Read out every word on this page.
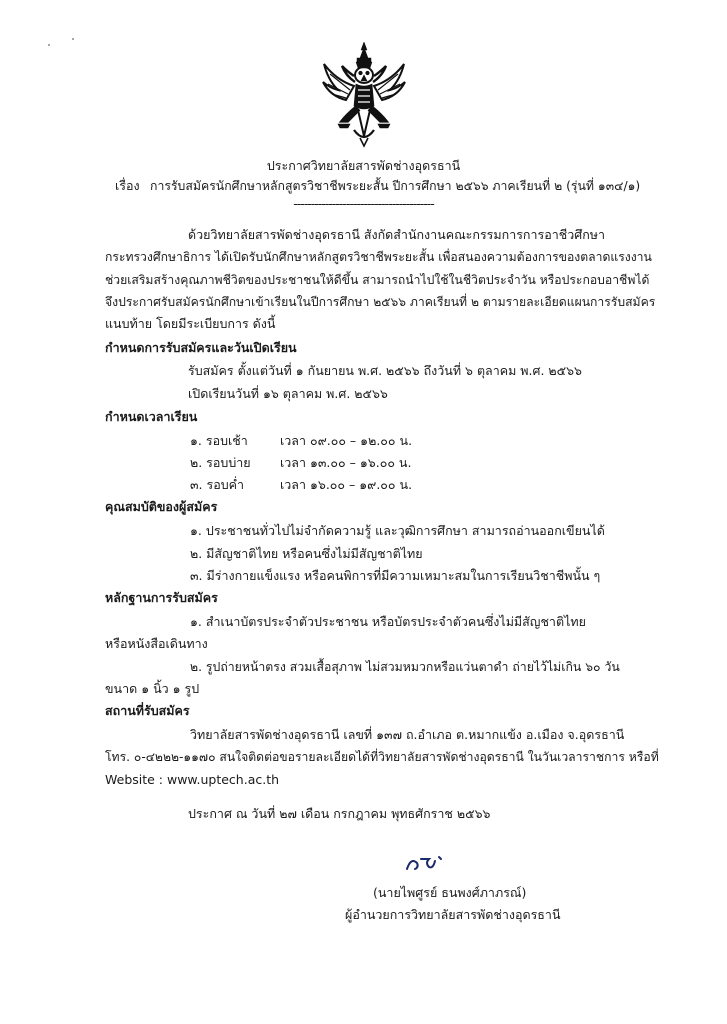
ประกาศวิทยาลัยสารพัดช่างอุดรธานี
เรื่อง การรับสมัครนักศึกษาหลักสูตรวิชาชีพระยะสั้น ปีการศึกษา ๒๕๖๖ ภาคเรียนที่ ๒ (รุ่นที่ ๑๓๔/๑)
----------------------------------------
ด้วยวิทยาลัยสารพัดช่างอุดรธานี สังกัดสำนักงานคณะกรรมการการอาชีวศึกษา
กระทรวงศึกษาธิการ ได้เปิดรับนักศึกษาหลักสูตรวิชาชีพระยะสั้น เพื่อสนองความต้องการของตลาดแรงงาน
ช่วยเสริมสร้างคุณภาพชีวิตของประชาชนให้ดีขึ้น สามารถนำไปใช้ในชีวิตประจำวัน หรือประกอบอาชีพได้
จึงประกาศรับสมัครนักศึกษาเข้าเรียนในปีการศึกษา ๒๕๖๖ ภาคเรียนที่ ๒ ตามรายละเอียดแผนการรับสมัคร
แนบท้าย โดยมีระเบียบการ ดังนี้
กำหนดการรับสมัครและวันเปิดเรียน
รับสมัคร ตั้งแต่วันที่ ๑ กันยายน พ.ศ. ๒๕๖๖ ถึงวันที่ ๖ ตุลาคม พ.ศ. ๒๕๖๖
เปิดเรียนวันที่ ๑๖ ตุลาคม พ.ศ. ๒๕๖๖
กำหนดเวลาเรียน
๑. รอบเช้า	เวลา ๐๙.๐๐ – ๑๒.๐๐ น.
๒. รอบบ่าย เวลา ๑๓.๐๐ – ๑๖.๐๐ น.
๓. รอบค่ำ	เวลา ๑๖.๐๐ – ๑๙.๐๐ น.
คุณสมบัติของผู้สมัคร
๑. ประชาชนทั่วไปไม่จำกัดความรู้ และวุฒิการศึกษา สามารถอ่านออกเขียนได้
๒. มีสัญชาติไทย หรือคนซึ่งไม่มีสัญชาติไทย
๓. มีร่างกายแข็งแรง หรือคนพิการที่มีความเหมาะสมในการเรียนวิชาชีพนั้น ๆ
หลักฐานการรับสมัคร
๑. สำเนาบัตรประจำตัวประชาชน หรือบัตรประจำตัวคนซึ่งไม่มีสัญชาติไทย
หรือหนังสือเดินทาง
๒. รูปถ่ายหน้าตรง สวมเสื้อสุภาพ ไม่สวมหมวกหรือแว่นตาดำ ถ่ายไว้ไม่เกิน ๖๐ วัน
ขนาด ๑ นิ้ว ๑ รูป
สถานที่รับสมัคร
วิทยาลัยสารพัดช่างอุดรธานี เลขที่ ๑๓๗ ถ.อำเภอ ต.หมากแข้ง อ.เมือง จ.อุดรธานี
โทร. ๐-๔๒๒๒-๑๑๗๐ สนใจติดต่อขอรายละเอียดได้ที่วิทยาลัยสารพัดช่างอุดรธานี ในวันเวลาราชการ หรือที่
Website : www.uptech.ac.th
ประกาศ ณ วันที่ ๒๗ เดือน กรกฎาคม พุทธศักราช ๒๕๖๖
(นายไพศูรย์ ธนพงศ์ภาภรณ์)
ผู้อำนวยการวิทยาลัยสารพัดช่างอุดรธานี
